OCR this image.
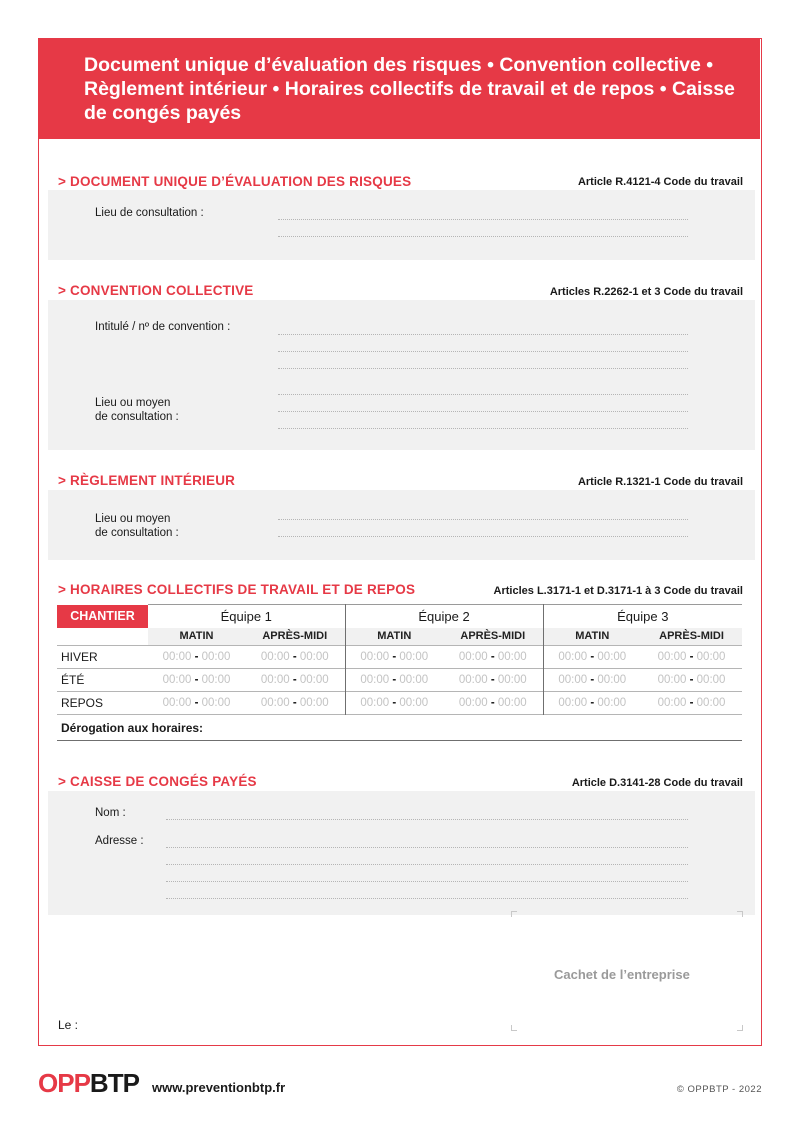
Document unique d’évaluation des risques • Convention collective • Règlement intérieur • Horaires collectifs de travail et de repos • Caisse de congés payés
> DOCUMENT UNIQUE D’ÉVALUATION DES RISQUES	Article R.4121-4 Code du travail
Lieu de consultation :
> CONVENTION COLLECTIVE	Articles R.2262-1 et 3 Code du travail
Intitulé / nº de convention :
Lieu ou moyen
de consultation :
> RÈGLEMENT INTÉRIEUR	Article R.1321-1 Code du travail
Lieu ou moyen
de consultation :
> HORAIRES COLLECTIFS DE TRAVAIL ET DE REPOS	Articles L.3171-1 et D.3171-1 à 3 Code du travail
CHANTIER	Équipe 1		Équipe 2		Équipe 3	
	MATIN	APRÈS-MIDI	MATIN	APRÈS-MIDI	MATIN	APRÈS-MIDI
HIVER	00:00 - 00:00	00:00 - 00:00	00:00 - 00:00	00:00 - 00:00	00:00 - 00:00	00:00 - 00:00
ÉTÉ	00:00 - 00:00	00:00 - 00:00	00:00 - 00:00	00:00 - 00:00	00:00 - 00:00	00:00 - 00:00
REPOS	00:00 - 00:00	00:00 - 00:00	00:00 - 00:00	00:00 - 00:00	00:00 - 00:00	00:00 - 00:00
Dérogation aux horaires:						
> CAISSE DE CONGÉS PAYÉS	Article D.3141-28 Code du travail
Nom :
Adresse :
Cachet de l’entreprise
Le :
OPPBTP www.preventionbtp.fr	© OPPBTP - 2022
